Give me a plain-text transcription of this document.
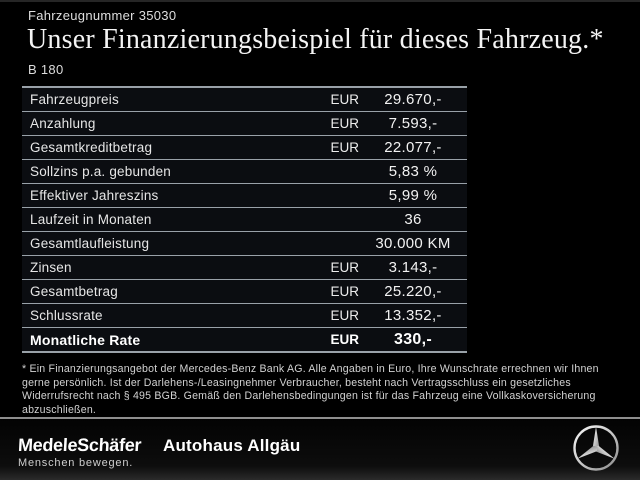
Fahrzeugnummer 35030
Unser Finanzierungsbeispiel für dieses Fahrzeug.*
B 180
Fahrzeugpreis	EUR	29.670,-
Anzahlung	EUR	7.593,-
Gesamtkreditbetrag	EUR	22.077,-
Sollzins p.a. gebunden	5,83 %
Effektiver Jahreszins	5,99 %
Laufzeit in Monaten	36
Gesamtlaufleistung	30.000 KM
Zinsen	EUR	3.143,-
Gesamtbetrag	EUR	25.220,-
Schlussrate	EUR	13.352,-
Monatliche Rate	EUR	330,-
* Ein Finanzierungsangebot der Mercedes-Benz Bank AG. Alle Angaben in Euro, Ihre Wunschrate errechnen wir Ihnen gerne persönlich. Ist der Darlehens-/Leasingnehmer Verbraucher, besteht nach Vertragsschluss ein gesetzliches Widerrufsrecht nach § 495 BGB. Gemäß den Darlehensbedingungen ist für das Fahrzeug eine Vollkaskoversicherung abzuschließen.
MedeleSchäfer Autohaus Allgäu
Menschen bewegen.
